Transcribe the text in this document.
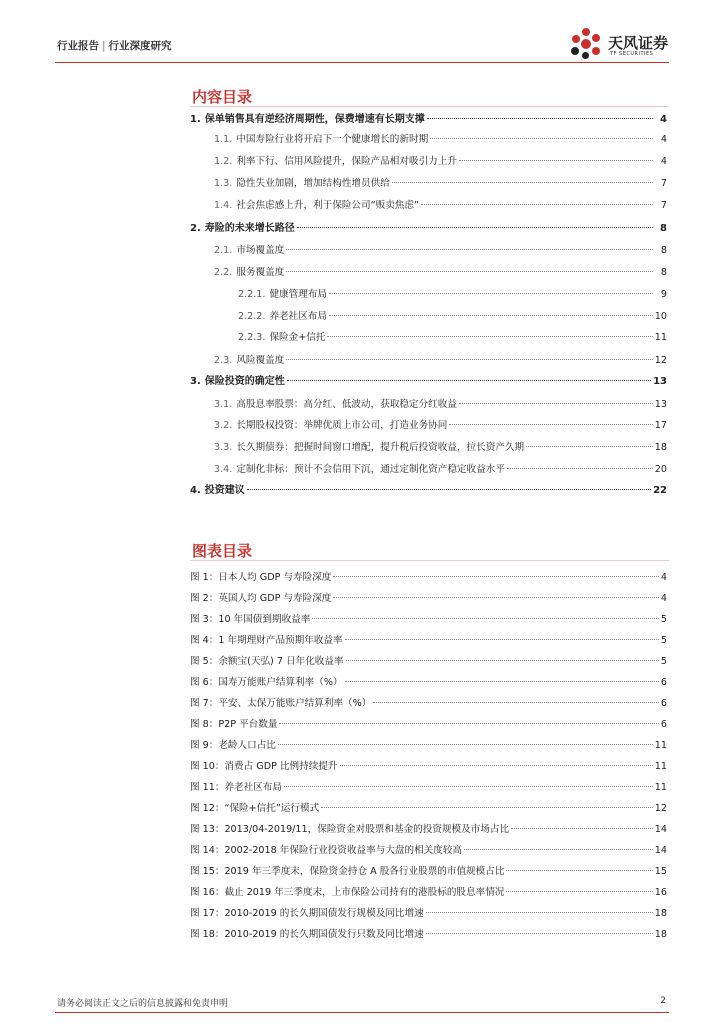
行业报告 | 行业深度研究	天风证券
TF SECURITIES
内容目录
1. 保单销售具有逆经济周期性，保费增速有长期支撑	4
1.1. 中国寿险行业将开启下一个健康增长的新时期	4
1.2. 利率下行、信用风险提升，保险产品相对吸引力上升	4
1.3. 隐性失业加剧，增加结构性增员供给	7
1.4. 社会焦虑感上升，利于保险公司“贩卖焦虑”	7
2. 寿险的未来增长路径	8
2.1. 市场覆盖度	8
2.2. 服务覆盖度	8
2.2.1. 健康管理布局	9
2.2.2. 养老社区布局	10
2.2.3. 保险金+信托	11
2.3. 风险覆盖度	12
3. 保险投资的确定性	13
3.1. 高股息率股票：高分红、低波动，获取稳定分红收益	13
3.2. 长期股权投资：举牌优质上市公司，打造业务协同	17
3.3. 长久期债券：把握时间窗口增配，提升税后投资收益，拉长资产久期	18
3.4. 定制化非标：预计不会信用下沉，通过定制化资产稳定收益水平	20
4. 投资建议	22
图表目录
图 1： 日本人均 GDP 与寿险深度	4
图 2： 英国人均 GDP 与寿险深度	4
图 3： 10 年国债到期收益率	5
图 4： 1 年期理财产品预期年收益率	5
图 5： 余额宝(天弘) 7 日年化收益率	5
图 6： 国寿万能账户结算利率（%）	6
图 7： 平安、太保万能账户结算利率（%）	6
图 8： P2P 平台数量	6
图 9： 老龄人口占比	11
图 10： 消费占 GDP 比例持续提升	11
图 11： 养老社区布局	11
图 12： “保险+信托”运行模式	12
图 13： 2013/04-2019/11，保险资金对股票和基金的投资规模及市场占比	14
图 14： 2002-2018 年保险行业投资收益率与大盘的相关度较高	14
图 15： 2019 年三季度末，保险资金持仓 A 股各行业股票的市值规模占比	15
图 16： 截止 2019 年三季度末，上市保险公司持有的港股标的股息率情况	16
图 17： 2010-2019 的长久期国债发行规模及同比增速	18
图 18： 2010-2019 的长久期国债发行只数及同比增速	18
请务必阅读正文之后的信息披露和免责申明	2
